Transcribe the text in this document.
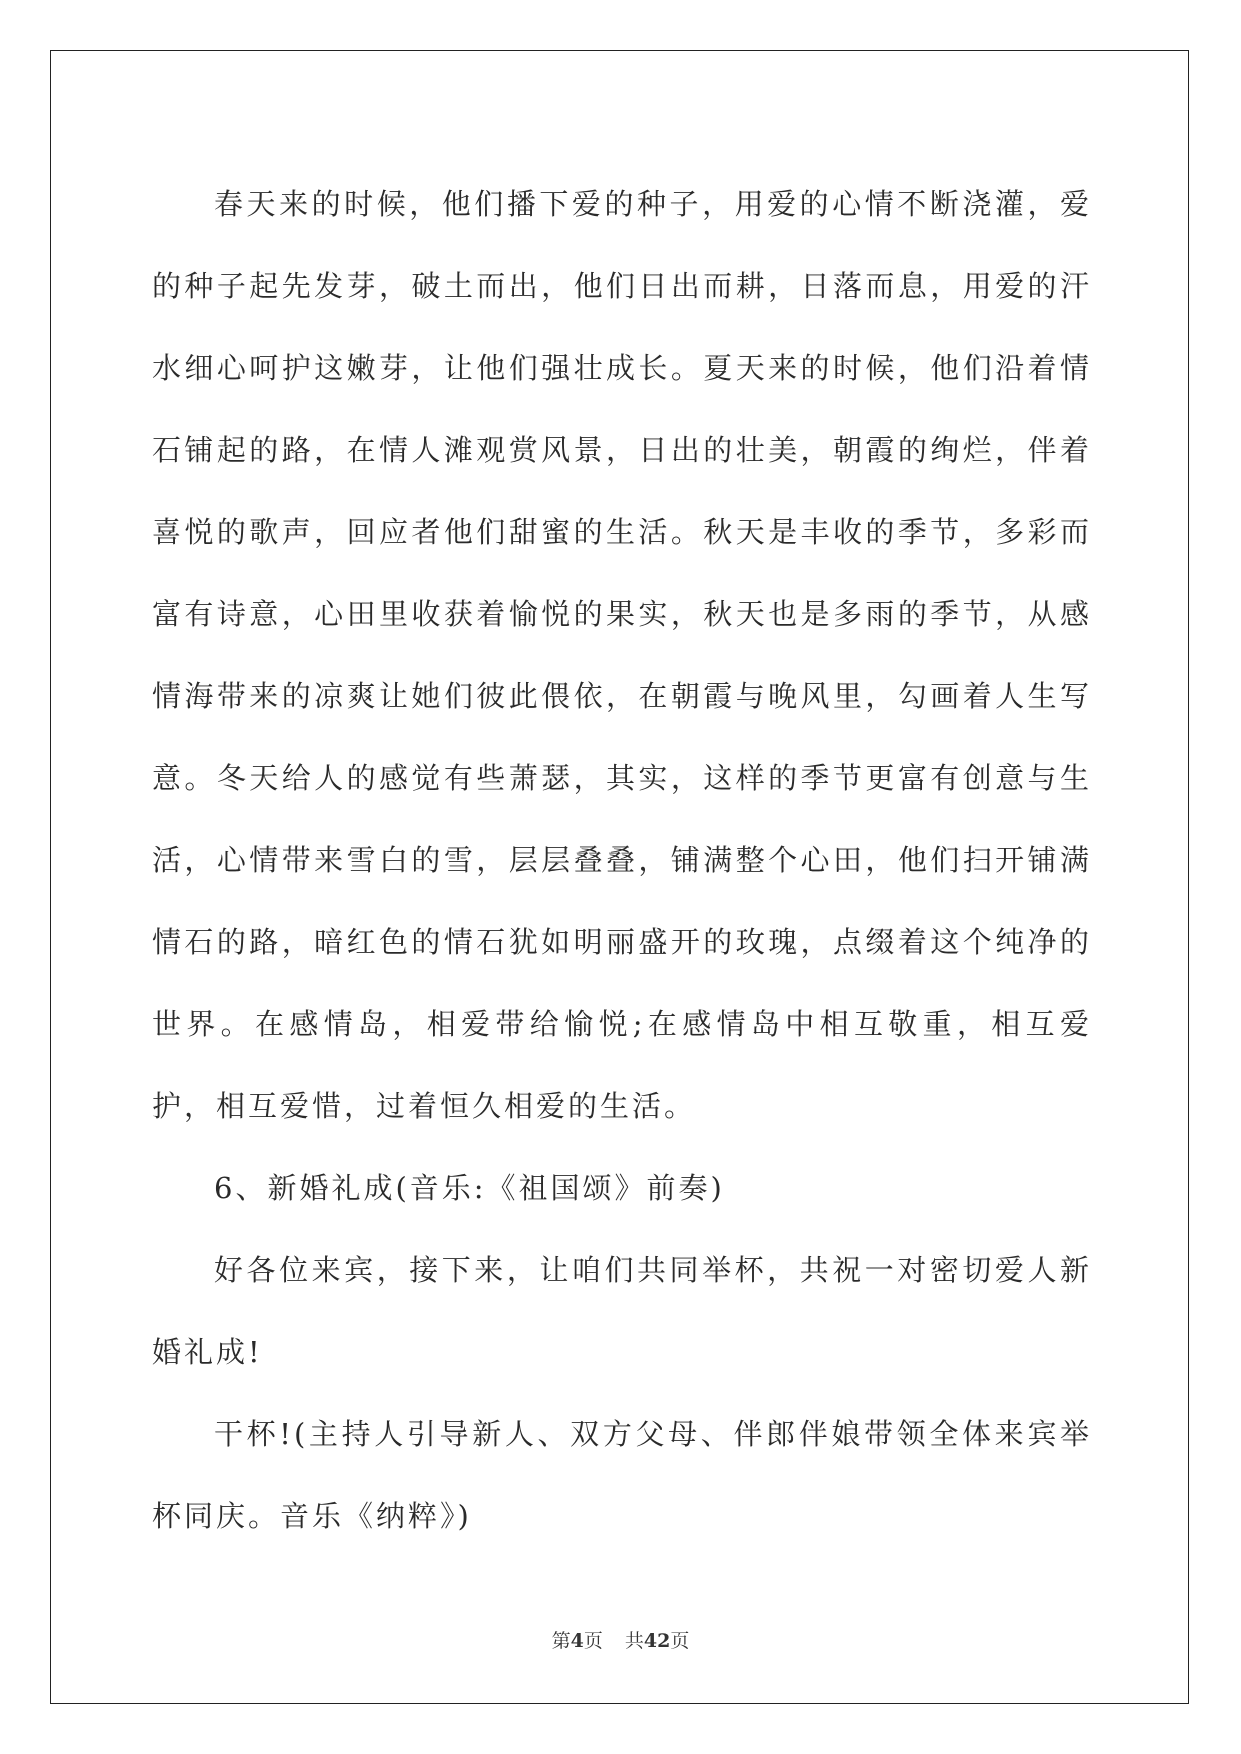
春天来的时候，他们播下爱的种子，用爱的心情不断浇灌，爱的种子起先发芽，破土而出，他们日出而耕，日落而息，用爱的汗水细心呵护这嫩芽，让他们强壮成长。夏天来的时候，他们沿着情石铺起的路，在情人滩观赏风景，日出的壮美，朝霞的绚烂，伴着喜悦的歌声，回应者他们甜蜜的生活。秋天是丰收的季节，多彩而富有诗意，心田里收获着愉悦的果实，秋天也是多雨的季节，从感情海带来的凉爽让她们彼此偎依，在朝霞与晚风里，勾画着人生写意。冬天给人的感觉有些萧瑟，其实，这样的季节更富有创意与生活，心情带来雪白的雪，层层叠叠，铺满整个心田，他们扫开铺满情石的路，暗红色的情石犹如明丽盛开的玫瑰，点缀着这个纯净的世界。在感情岛，相爱带给愉悦;在感情岛中相互敬重，相互爱护，相互爱惜，过着恒久相爱的生活。

6、新婚礼成(音乐:《祖国颂》前奏)

好各位来宾，接下来，让咱们共同举杯，共祝一对密切爱人新婚礼成!

干杯!(主持人引导新人、双方父母、伴郎伴娘带领全体来宾举杯同庆。音乐《纳粹》)

第4页 共42页
